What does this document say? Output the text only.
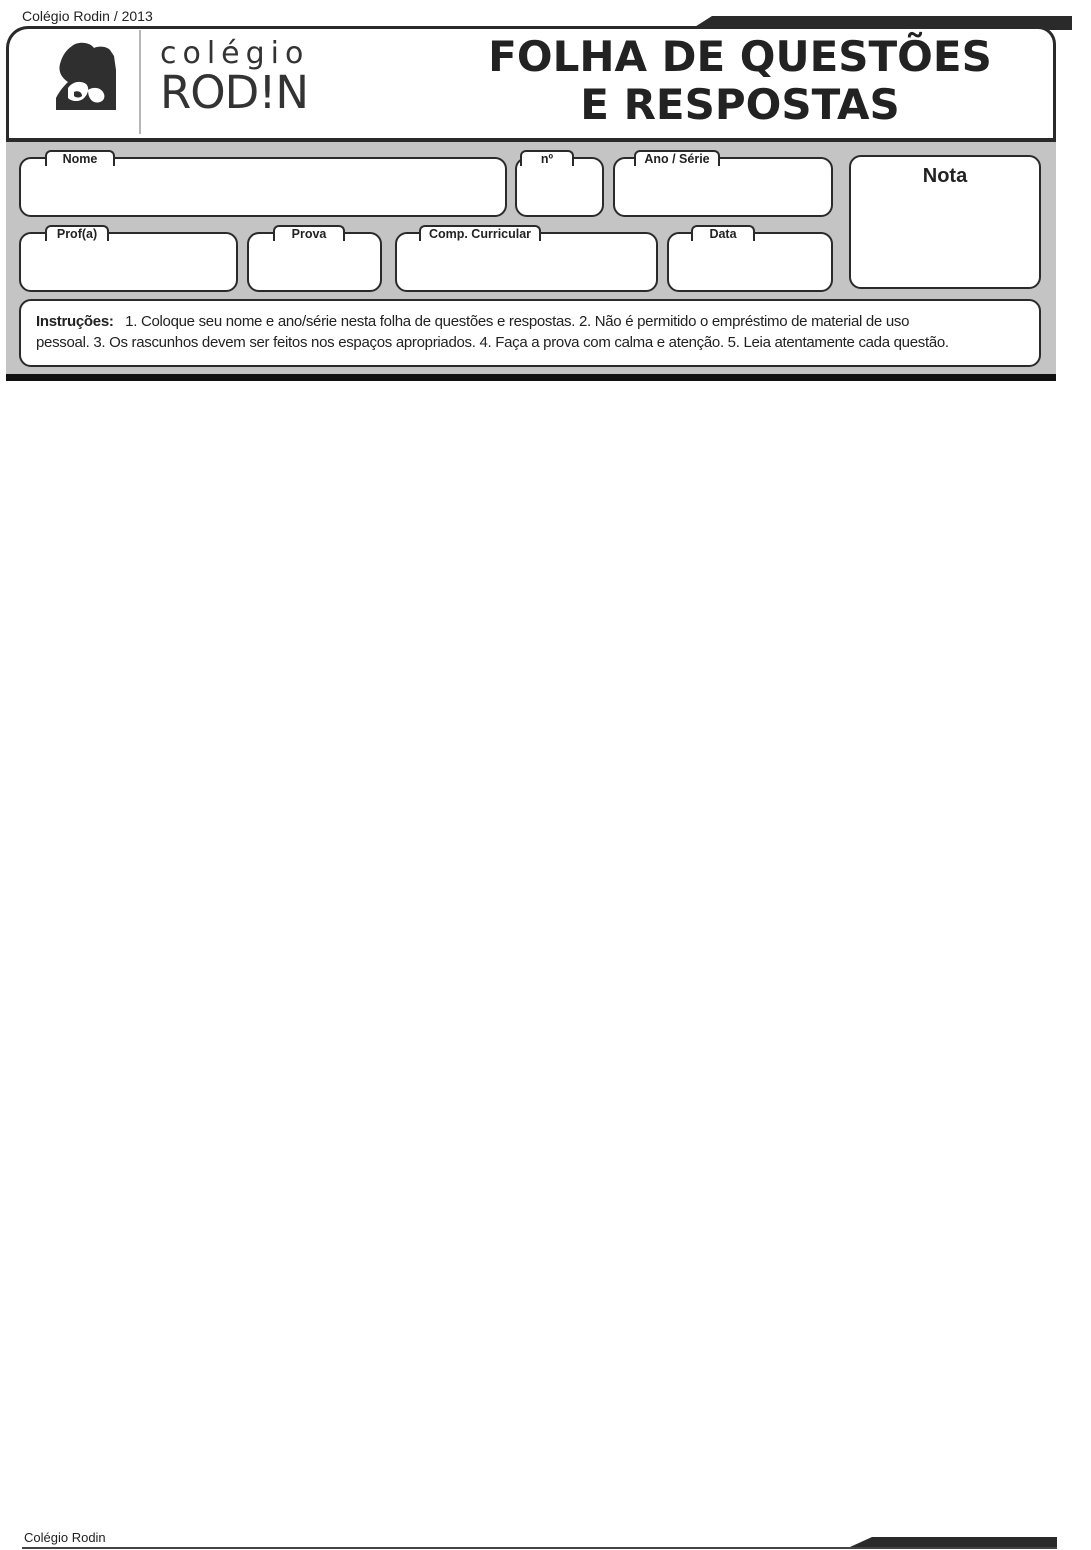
Colégio Rodin / 2013
colégio
ROD!N
FOLHA DE QUESTÕES
E RESPOSTAS
Nome	nº	Ano / Série
Nota
Prof(a)	Prova	Comp. Curricular	Data
Instruções: 1. Coloque seu nome e ano/série nesta folha de questões e respostas. 2. Não é permitido o empréstimo de material de uso
pessoal. 3. Os rascunhos devem ser feitos nos espaços apropriados. 4. Faça a prova com calma e atenção. 5. Leia atentamente cada questão.
Colégio Rodin
